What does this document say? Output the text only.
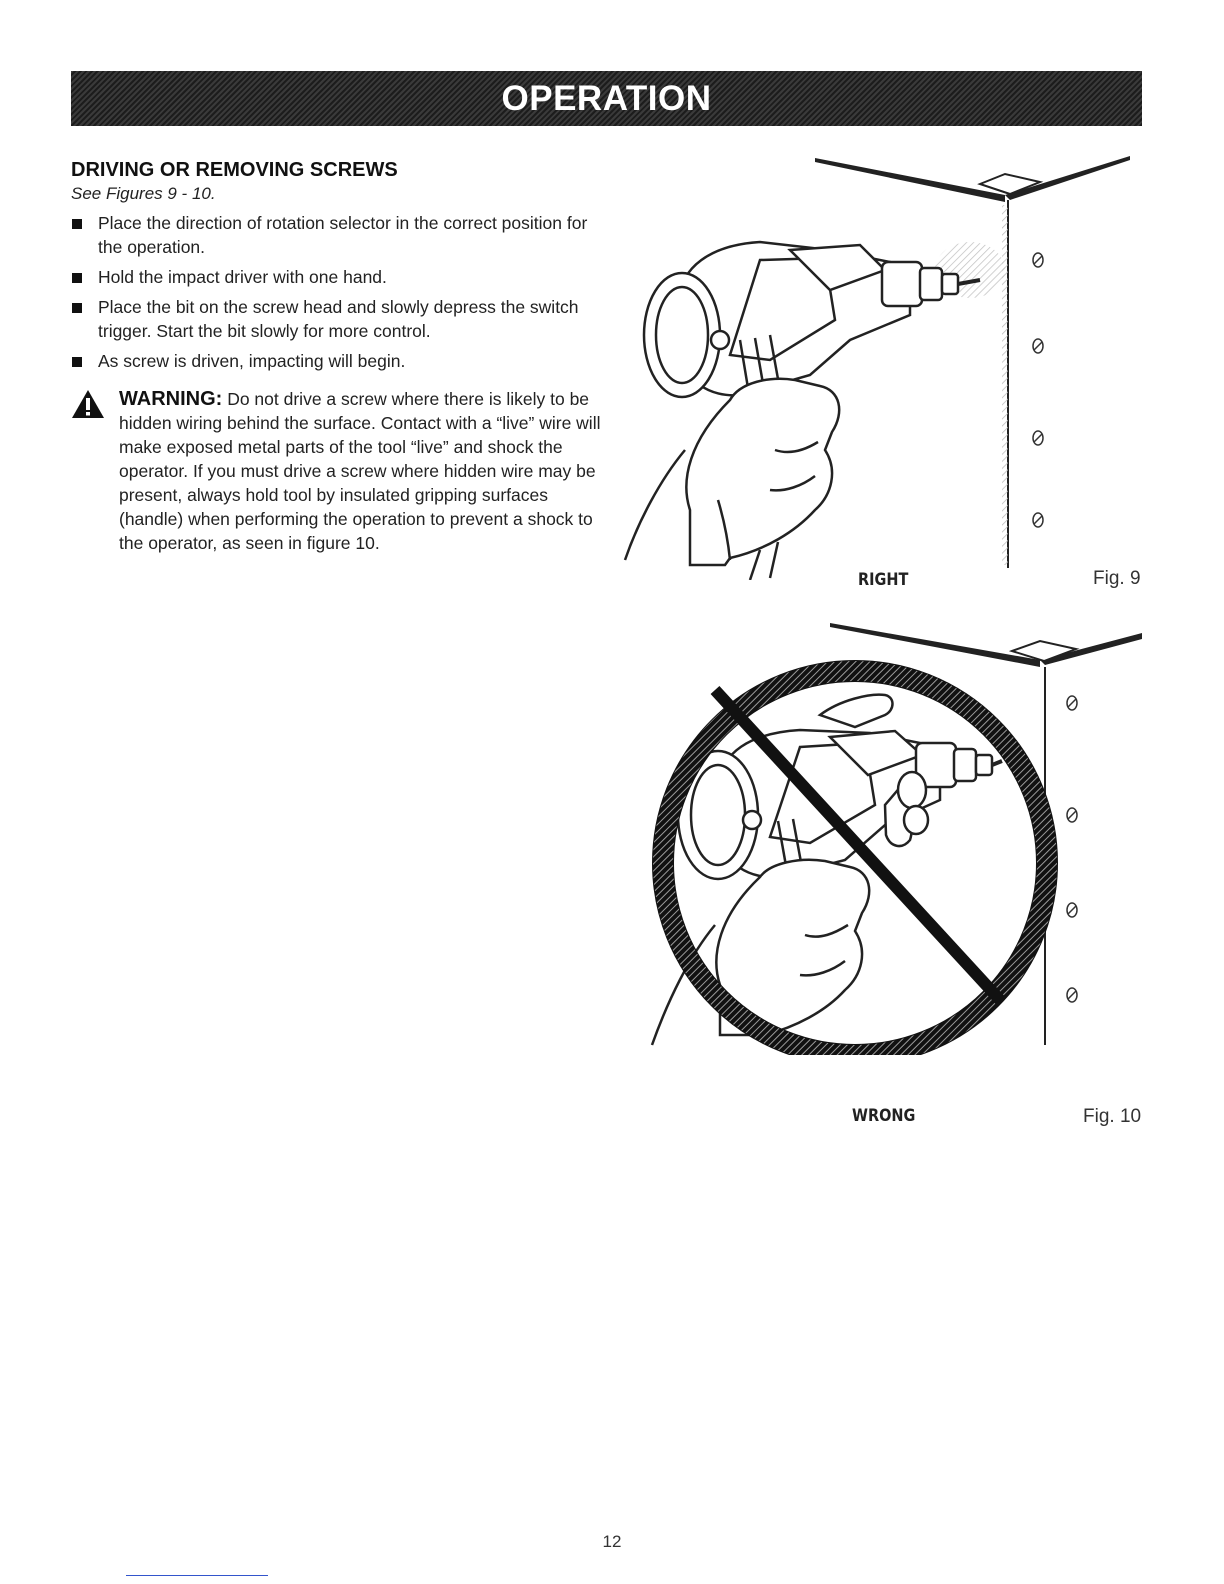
OPERATION
DRIVING OR REMOVING SCREWS

See Figures 9 - 10.

Place the direction of rotation selector in the correct position for the operation.
Hold the impact driver with one hand.
Place the bit on the screw head and slowly depress the switch trigger. Start the bit slowly for more control.
As screw is driven, impacting will begin.
WARNING: Do not drive a screw where there is likely to be hidden wiring behind the surface. Contact with a “live” wire will make exposed metal parts of the tool “live” and shock the operator. If you must drive a screw where hidden wire may be present, always hold tool by insulated gripping surfaces (handle) when performing the operation to prevent a shock to the operator, as seen in figure 10.
RIGHT	Fig. 9
WRONG	Fig. 10
12
